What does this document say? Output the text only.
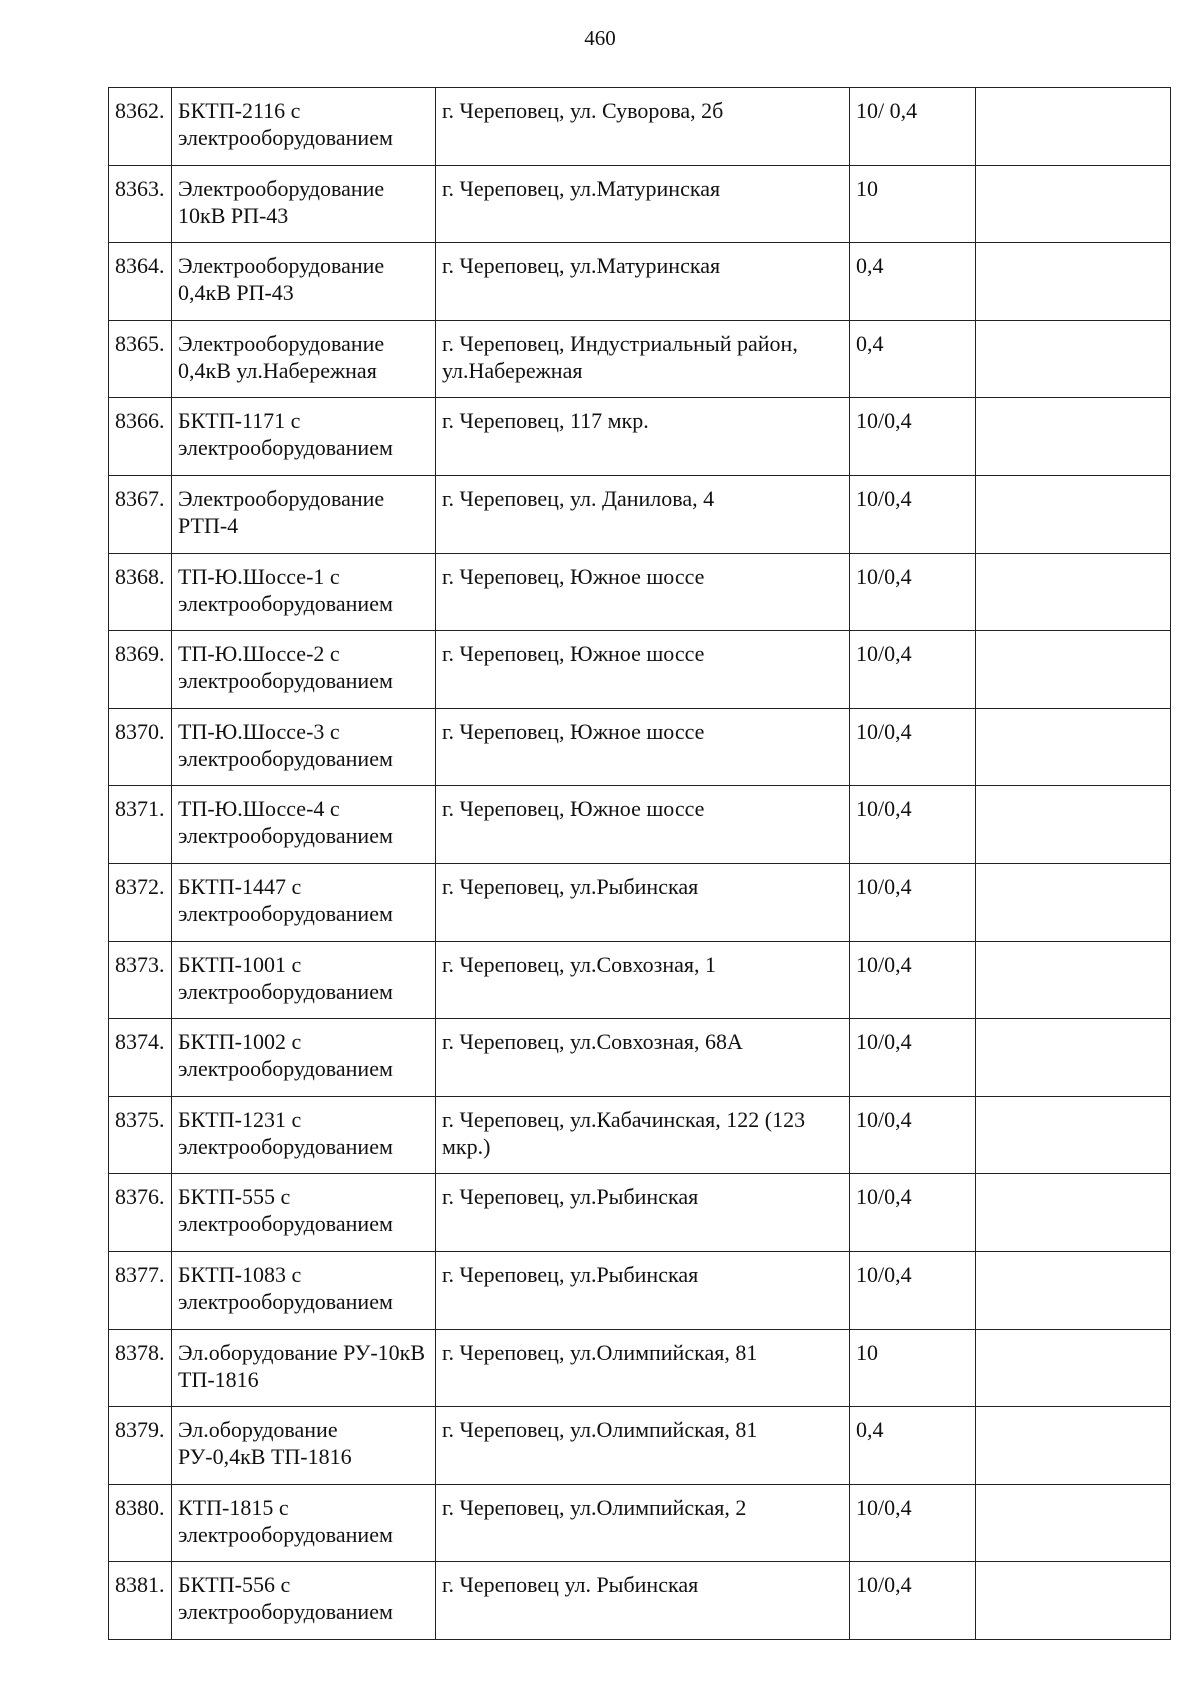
460
8362.	БКТП-2116 с электрооборудованием	г. Череповец, ул. Суворова, 2б	10/ 0,4	
8363.	Электрооборудование 10кВ РП-43	г. Череповец, ул.Матуринская	10	
8364.	Электрооборудование 0,4кВ РП-43	г. Череповец, ул.Матуринская	0,4	
8365.	Электрооборудование 0,4кВ ул.Набережная	г. Череповец, Индустриальный район, ул.Набережная	0,4	
8366.	БКТП-1171 с электрооборудованием	г. Череповец, 117 мкр.	10/0,4	
8367.	Электрооборудование РТП-4	г. Череповец, ул. Данилова, 4	10/0,4	
8368.	ТП-Ю.Шоссе-1 с электрооборудованием	г. Череповец, Южное шоссе	10/0,4	
8369.	ТП-Ю.Шоссе-2 с электрооборудованием	г. Череповец, Южное шоссе	10/0,4	
8370.	ТП-Ю.Шоссе-3 с электрооборудованием	г. Череповец, Южное шоссе	10/0,4	
8371.	ТП-Ю.Шоссе-4 с электрооборудованием	г. Череповец, Южное шоссе	10/0,4	
8372.	БКТП-1447 с электрооборудованием	г. Череповец, ул.Рыбинская	10/0,4	
8373.	БКТП-1001 с электрооборудованием	г. Череповец, ул.Совхозная, 1	10/0,4	
8374.	БКТП-1002 с электрооборудованием	г. Череповец, ул.Совхозная, 68А	10/0,4	
8375.	БКТП-1231 с электрооборудованием	г. Череповец, ул.Кабачинская, 122 (123 мкр.)	10/0,4	
8376.	БКТП-555 с электрооборудованием	г. Череповец, ул.Рыбинская	10/0,4	
8377.	БКТП-1083 с электрооборудованием	г. Череповец, ул.Рыбинская	10/0,4	
8378.	Эл.оборудование РУ-10кВ ТП-1816	г. Череповец, ул.Олимпийская, 81	10	
8379.	Эл.оборудование РУ-0,4кВ ТП-1816	г. Череповец, ул.Олимпийская, 81	0,4	
8380.	КТП-1815 с электрооборудованием	г. Череповец, ул.Олимпийская, 2	10/0,4	
8381.	БКТП-556 с электрооборудованием	г. Череповец ул. Рыбинская	10/0,4	
